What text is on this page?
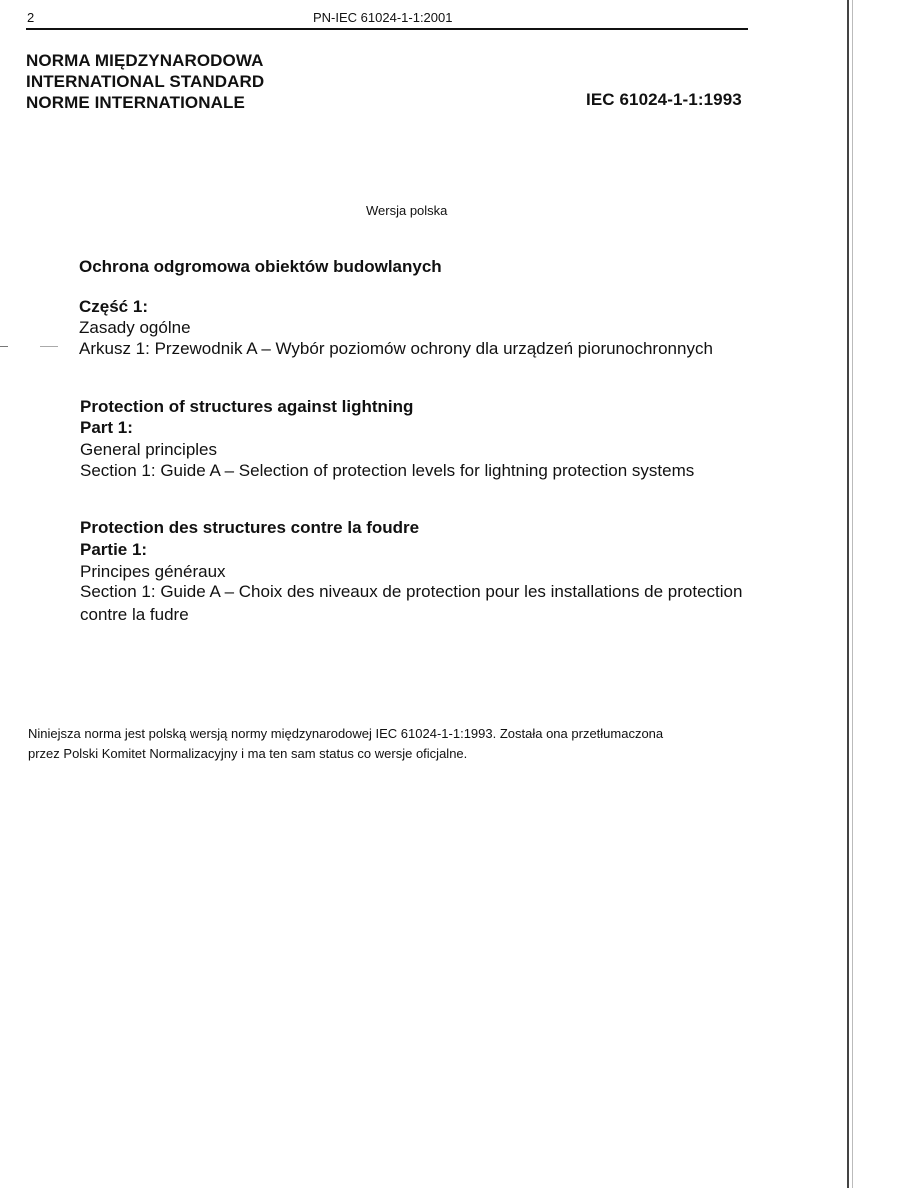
2	PN-IEC 61024-1-1:2001
NORMA MIĘDZYNARODOWA
INTERNATIONAL STANDARD
NORME INTERNATIONALE	IEC 61024-1-1:1993
Wersja polska
Ochrona odgromowa obiektów budowlanych
Część 1:
Zasady ogólne
Arkusz 1: Przewodnik A – Wybór poziomów ochrony dla urządzeń piorunochronnych
Protection of structures against lightning
Part 1:
General principles
Section 1: Guide A – Selection of protection levels for lightning protection systems
Protection des structures contre la foudre
Partie 1:
Principes généraux
Section 1: Guide A – Choix des niveaux de protection pour les installations de protection
contre la fudre
Niniejsza norma jest polską wersją normy międzynarodowej IEC 61024-1-1:1993. Została ona przetłumaczona
przez Polski Komitet Normalizacyjny i ma ten sam status co wersje oficjalne.
